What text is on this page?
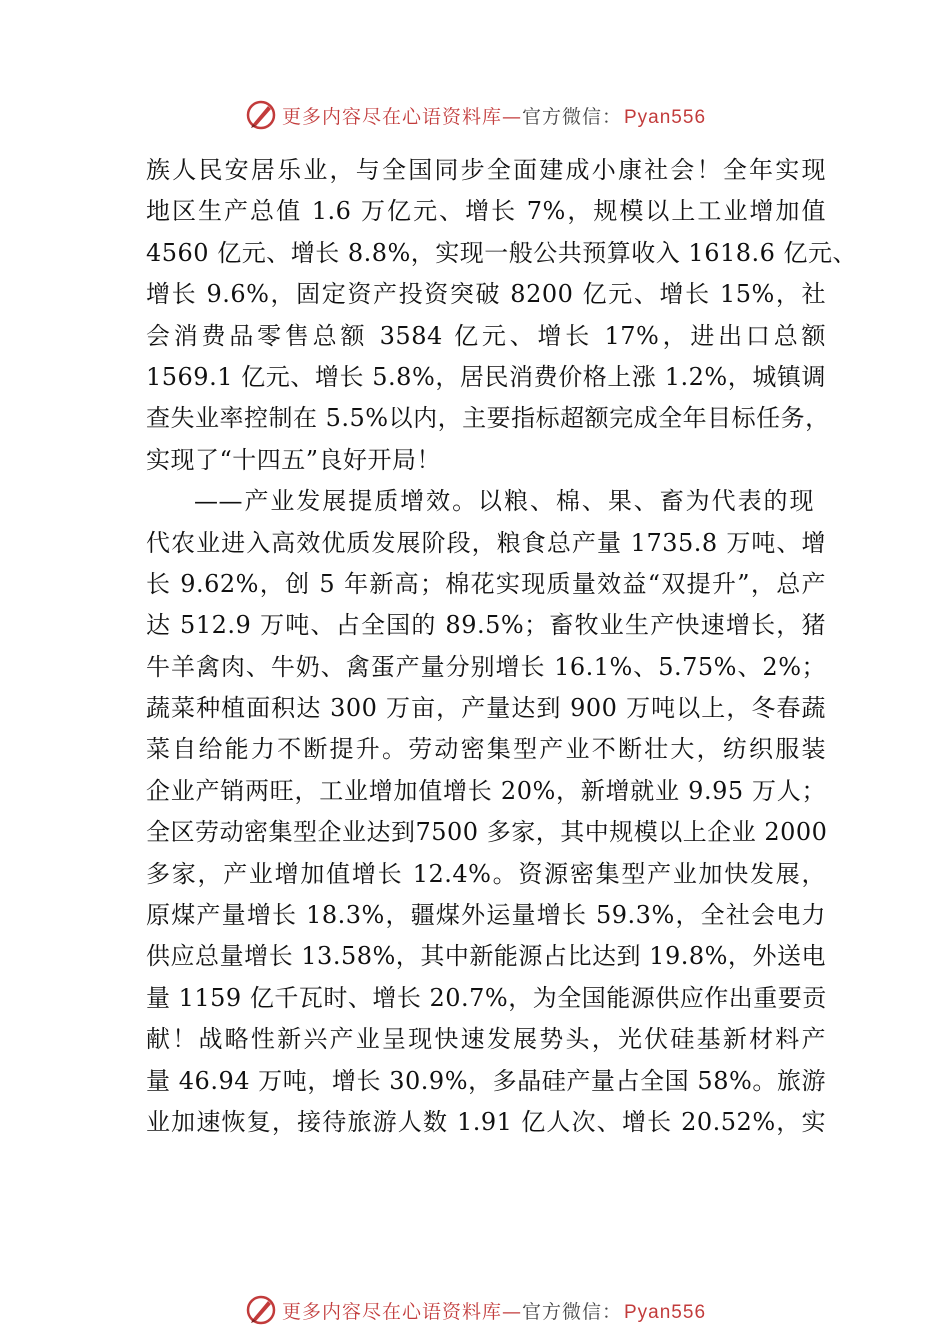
更多内容尽在心语资料库—官方微信： Pyan556
族人民安居乐业，与全国同步全面建成小康社会！全年实现
地区生产总值 1.6 万亿元、增长 7%，规模以上工业增加值
4560 亿元、增长 8.8%，实现一般公共预算收入 1618.6 亿元、
增长 9.6%，固定资产投资突破 8200 亿元、增长 15%，社
会消费品零售总额 3584 亿元、增长 17%，进出口总额
1569.1 亿元、增长 5.8%，居民消费价格上涨 1.2%，城镇调
查失业率控制在 5.5%以内，主要指标超额完成全年目标任务，
实现了“十四五”良好开局！
——产业发展提质增效。以粮、棉、果、畜为代表的现
代农业进入高效优质发展阶段，粮食总产量 1735.8 万吨、增
长 9.62%，创 5 年新高；棉花实现质量效益“双提升”，总产
达 512.9 万吨、占全国的 89.5%；畜牧业生产快速增长，猪
牛羊禽肉、牛奶、禽蛋产量分别增长 16.1%、5.75%、2%；
蔬菜种植面积达 300 万亩，产量达到 900 万吨以上，冬春蔬
菜自给能力不断提升。劳动密集型产业不断壮大，纺织服装
企业产销两旺，工业增加值增长 20%，新增就业 9.95 万人；
全区劳动密集型企业达到7500 多家，其中规模以上企业 2000
多家，产业增加值增长 12.4%。资源密集型产业加快发展，
原煤产量增长 18.3%，疆煤外运量增长 59.3%，全社会电力
供应总量增长 13.58%，其中新能源占比达到 19.8%，外送电
量 1159 亿千瓦时、增长 20.7%，为全国能源供应作出重要贡
献！战略性新兴产业呈现快速发展势头，光伏硅基新材料产
量 46.94 万吨，增长 30.9%，多晶硅产量占全国 58%。旅游
业加速恢复，接待旅游人数 1.91 亿人次、增长 20.52%，实
更多内容尽在心语资料库—官方微信： Pyan556
